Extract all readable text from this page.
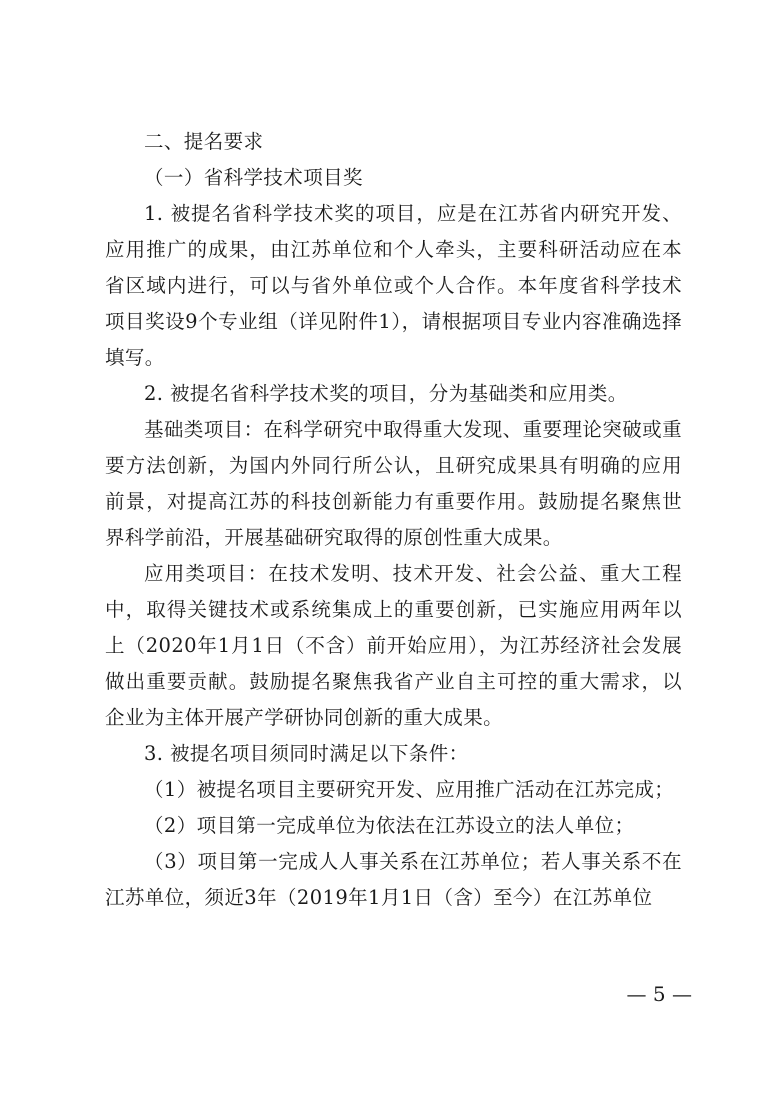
二、提名要求

（一）省科学技术项目奖

1. 被提名省科学技术奖的项目，应是在江苏省内研究开发、应用推广的成果，由江苏单位和个人牵头，主要科研活动应在本省区域内进行，可以与省外单位或个人合作。本年度省科学技术项目奖设9个专业组（详见附件1），请根据项目专业内容准确选择填写。

2. 被提名省科学技术奖的项目，分为基础类和应用类。

基础类项目：在科学研究中取得重大发现、重要理论突破或重要方法创新，为国内外同行所公认，且研究成果具有明确的应用前景，对提高江苏的科技创新能力有重要作用。鼓励提名聚焦世界科学前沿，开展基础研究取得的原创性重大成果。

应用类项目：在技术发明、技术开发、社会公益、重大工程中，取得关键技术或系统集成上的重要创新，已实施应用两年以上（2020年1月1日（不含）前开始应用），为江苏经济社会发展做出重要贡献。鼓励提名聚焦我省产业自主可控的重大需求，以企业为主体开展产学研协同创新的重大成果。

3. 被提名项目须同时满足以下条件：

（1）被提名项目主要研究开发、应用推广活动在江苏完成；

（2）项目第一完成单位为依法在江苏设立的法人单位；

（3）项目第一完成人人事关系在江苏单位；若人事关系不在江苏单位，须近3年（2019年1月1日（含）至今）在江苏单位

— 5 —
